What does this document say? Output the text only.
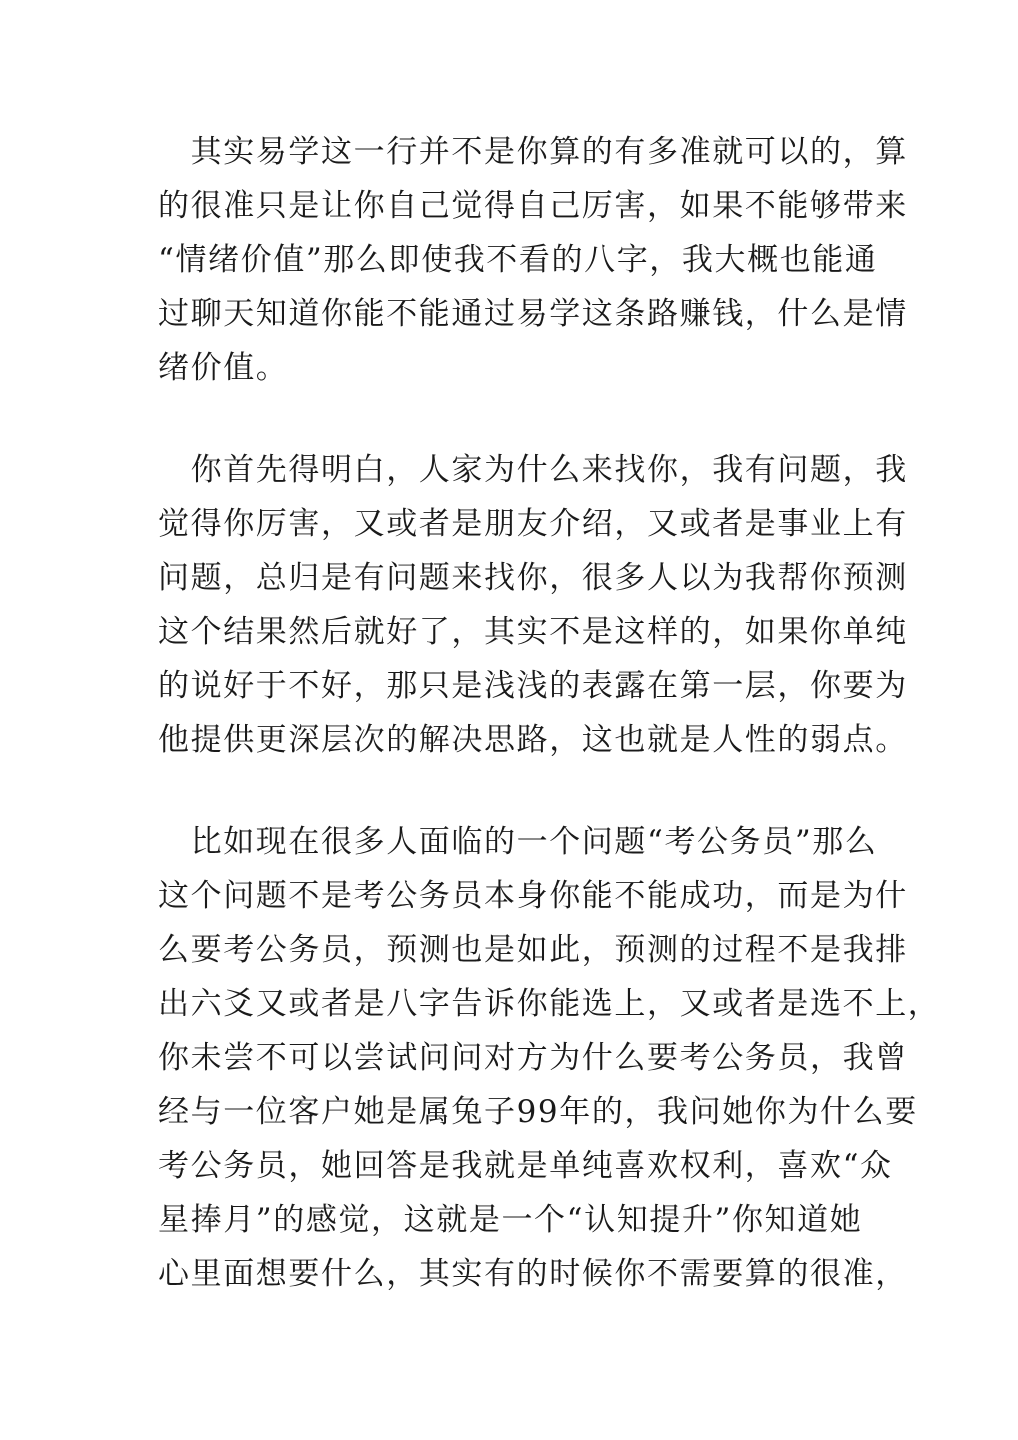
　其实易学这一行并不是你算的有多准就可以的，算
的很准只是让你自己觉得自己厉害，如果不能够带来
“情绪价值”那么即使我不看的八字，我大概也能通
过聊天知道你能不能通过易学这条路赚钱，什么是情
绪价值。
　你首先得明白，人家为什么来找你，我有问题，我
觉得你厉害，又或者是朋友介绍，又或者是事业上有
问题，总归是有问题来找你，很多人以为我帮你预测
这个结果然后就好了，其实不是这样的，如果你单纯
的说好于不好，那只是浅浅的表露在第一层，你要为
他提供更深层次的解决思路，这也就是人性的弱点。
　比如现在很多人面临的一个问题“考公务员”那么
这个问题不是考公务员本身你能不能成功，而是为什
么要考公务员，预测也是如此，预测的过程不是我排
出六爻又或者是八字告诉你能选上，又或者是选不上，
你未尝不可以尝试问问对方为什么要考公务员，我曾
经与一位客户她是属兔子99年的，我问她你为什么要
考公务员，她回答是我就是单纯喜欢权利，喜欢“众
星捧月”的感觉，这就是一个“认知提升”你知道她
心里面想要什么，其实有的时候你不需要算的很准，
